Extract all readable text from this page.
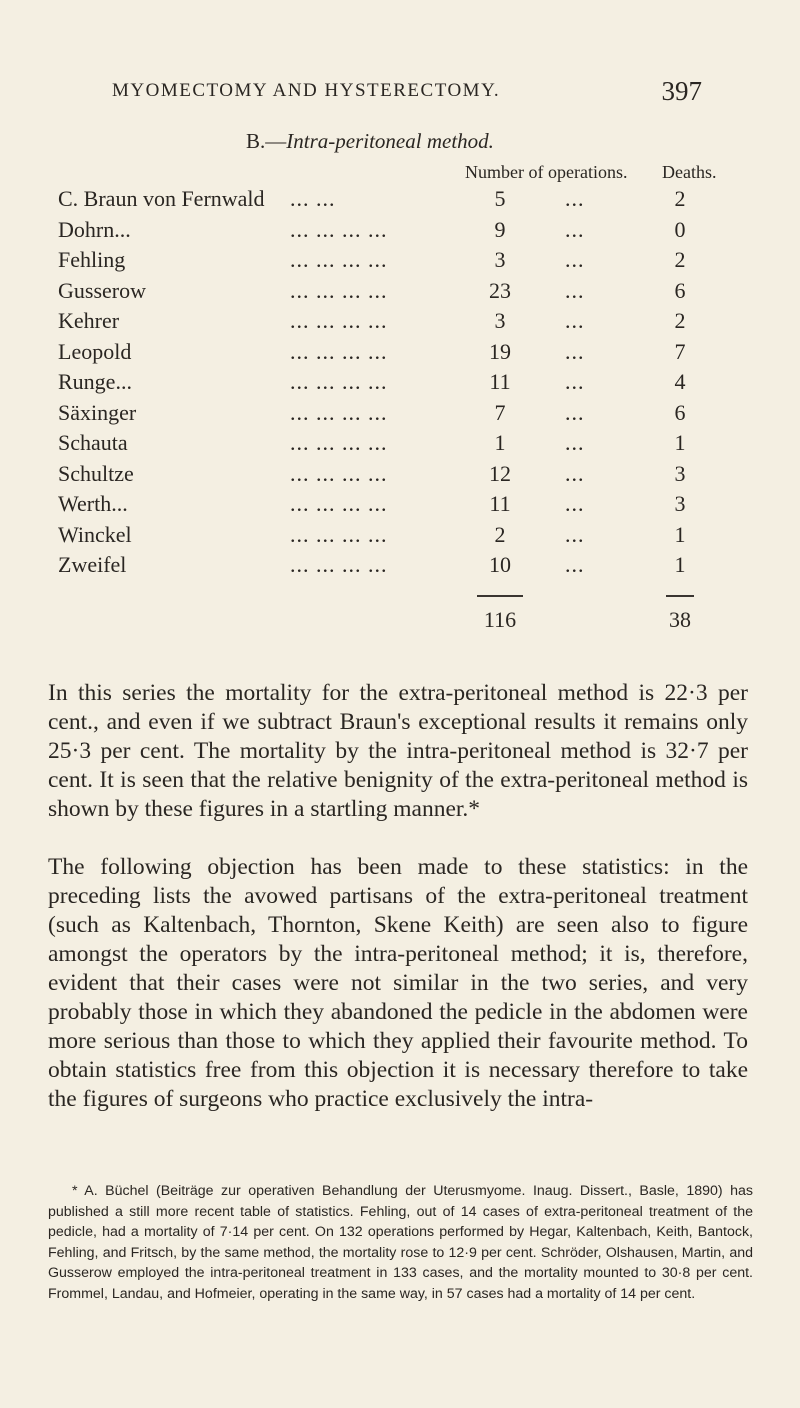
MYOMECTOMY AND HYSTERECTOMY.	397
B.—Intra-peritoneal method.
Number of operations. Deaths.
C. Braun von Fernwald ... ...	5	...	2
Dohrn...	... ... ... ...	9	...	0
Fehling	... ... ... ...	3	...	2
Gusserow	... ... ... ...	23	...	6
Kehrer	... ... ... ...	3	...	2
Leopold	... ... ... ...	19	...	7
Runge...	... ... ... ...	11	...	4
Säxinger	... ... ... ...	7	...	6
Schauta	... ... ... ...	1	...	1
Schultze	... ... ... ...	12	...	3
Werth...	... ... ... ...	11	...	3
Winckel	... ... ... ...	2	...	1
Zweifel	... ... ... ...	10	...	1
116	38

In this series the mortality for the extra-peritoneal method is 22·3 per cent., and even if we subtract Braun's exceptional results it remains only 25·3 per cent. The mortality by the intra-peritoneal method is 32·7 per cent. It is seen that the relative benignity of the extra-peritoneal method is shown by these figures in a startling manner.*

The following objection has been made to these statistics: in the preceding lists the avowed partisans of the extra-peritoneal treatment (such as Kaltenbach, Thornton, Skene Keith) are seen also to figure amongst the operators by the intra-peritoneal method; it is, therefore, evident that their cases were not similar in the two series, and very probably those in which they abandoned the pedicle in the abdomen were more serious than those to which they applied their favourite method. To obtain statistics free from this objection it is necessary therefore to take the figures of surgeons who practice exclusively the intra-

* A. Büchel (Beiträge zur operativen Behandlung der Uterusmyome. Inaug. Dissert., Basle, 1890) has published a still more recent table of statistics. Fehling, out of 14 cases of extra-peritoneal treatment of the pedicle, had a mortality of 7·14 per cent. On 132 operations performed by Hegar, Kaltenbach, Keith, Bantock, Fehling, and Fritsch, by the same method, the mortality rose to 12·9 per cent. Schröder, Olshausen, Martin, and Gusserow employed the intra-peritoneal treatment in 133 cases, and the mortality mounted to 30·8 per cent. Frommel, Landau, and Hofmeier, operating in the same way, in 57 cases had a mortality of 14 per cent.
